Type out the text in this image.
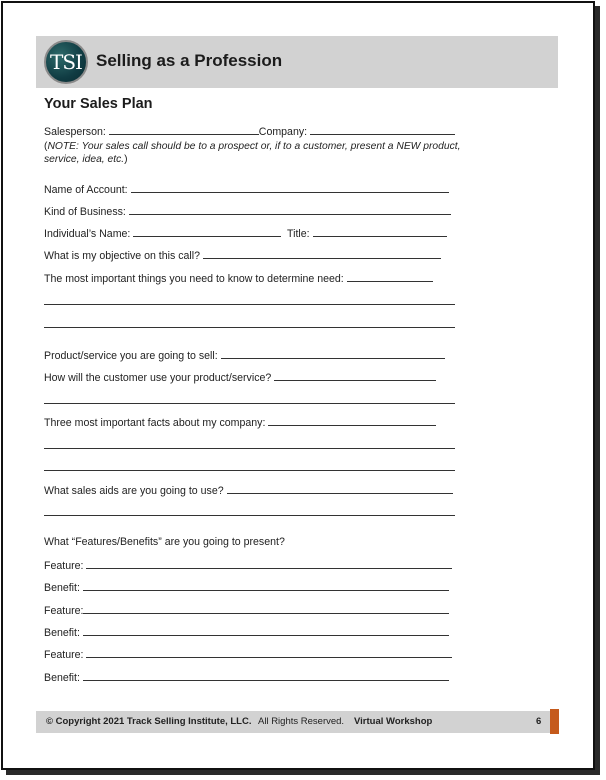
TSI Selling as a Profession
Your Sales Plan
Salesperson:	Company:
(NOTE: Your sales call should be to a prospect or, if to a customer, present a NEW product, service, idea, etc.)
Name of Account:
Kind of Business:
Individual’s Name:	Title:
What is my objective on this call?
The most important things you need to know to determine need:
Product/service you are going to sell:
How will the customer use your product/service?
Three most important facts about my company:
What sales aids are you going to use?
What “Features/Benefits” are you going to present?
Feature:
Benefit:
Feature:
Benefit:
Feature:
Benefit:
© Copyright 2021 Track Selling Institute, LLC. All Rights Reserved. Virtual Workshop	6
